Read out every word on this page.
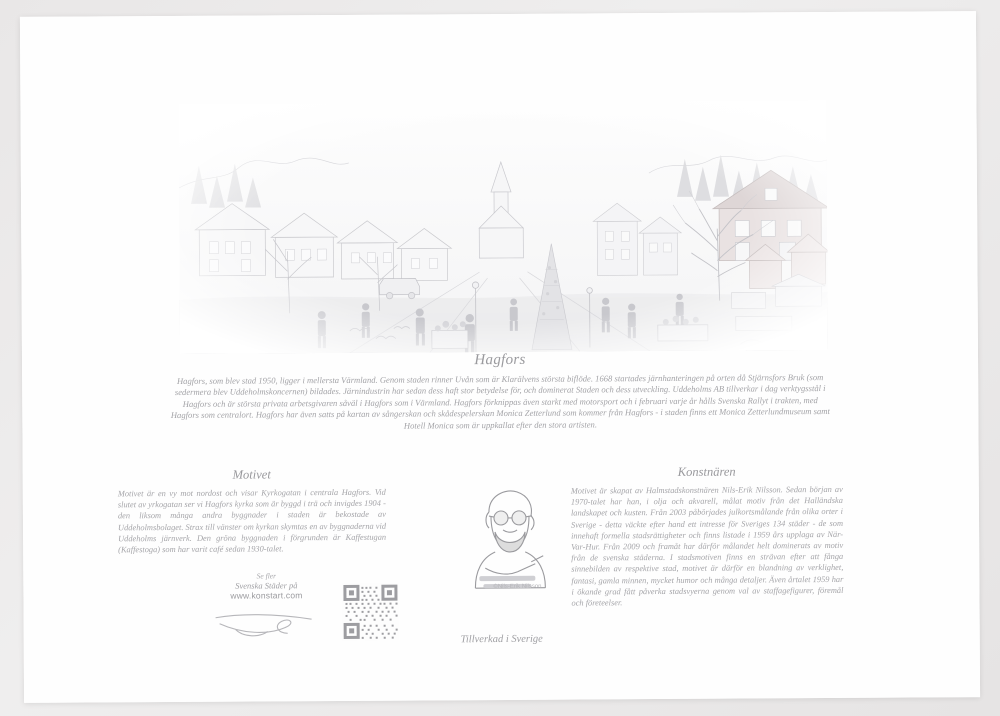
Hagfors
Hagfors, som blev stad 1950, ligger i mellersta Värmland. Genom staden rinner Uvån som är Klarälvens största biflöde. 1668 startades järnhanteringen på orten då Stjärnsfors Bruk (som sedermera blev Uddeholmskoncernen) bildades. Järnindustrin har sedan dess haft stor betydelse för, och dominerat Staden och dess utveckling. Uddeholms AB tillverkar i dag verktygsstål i Hagfors och är största privata arbetsgivaren såväl i Hagfors som i Värmland. Hagfors förknippas även starkt med motorsport och i februari varje år hålls Svenska Rallyt i trakten, med Hagfors som centralort. Hagfors har även satts på kartan av sångerskan och skådespelerskan Monica Zetterlund som kommer från Hagfors - i staden finns ett Monica Zetterlundmuseum samt Hotell Monica som är uppkallat efter den stora artisten.
Motivet
Motivet är en vy mot nordost och visar Kyrkogatan i centrala Hagfors. Vid slutet av yrkogatan ser vi Hagfors kyrka som är byggd i trä och invigdes 1904 - den liksom många andra byggnader i staden är bekostade av Uddeholmsbolaget. Strax till vänster om kyrkan skymtas en av byggnaderna vid Uddeholms järnverk. Den gröna byggnaden i förgrunden är Kaffestugan (Kaffestoga) som har varit café sedan 1930-talet.
Konstnären
Motivet är skapat av Halmstadskonstnären Nils-Erik Nilsson. Sedan början av 1970-talet har han, i olja och akvarell, målat motiv från det Halländska landskapet och kusten. Från 2003 påbörjades julkortsmålande från olika orter i Sverige - detta väckte efter hand ett intresse för Sveriges 134 städer - de som innehaft formella stadsrättigheter och finns listade i 1959 års upplaga av När-Var-Hur. Från 2009 och framåt har därför målandet helt dominerats av motiv från de svenska städerna. I stadsmotiven finns en strävan efter att fånga sinnebilden av respektive stad, motivet är därför en blandning av verklighet, fantasi, gamla minnen, mycket humor och många detaljer. Även årtalet 1959 har i ökande grad fått påverka stadsvyerna genom val av staffagefigurer, föremål och företeelser.
©Nils-Erik Nilsson
Se fler
Svenska Städer på
www.konstart.com
Tillverkad i Sverige
